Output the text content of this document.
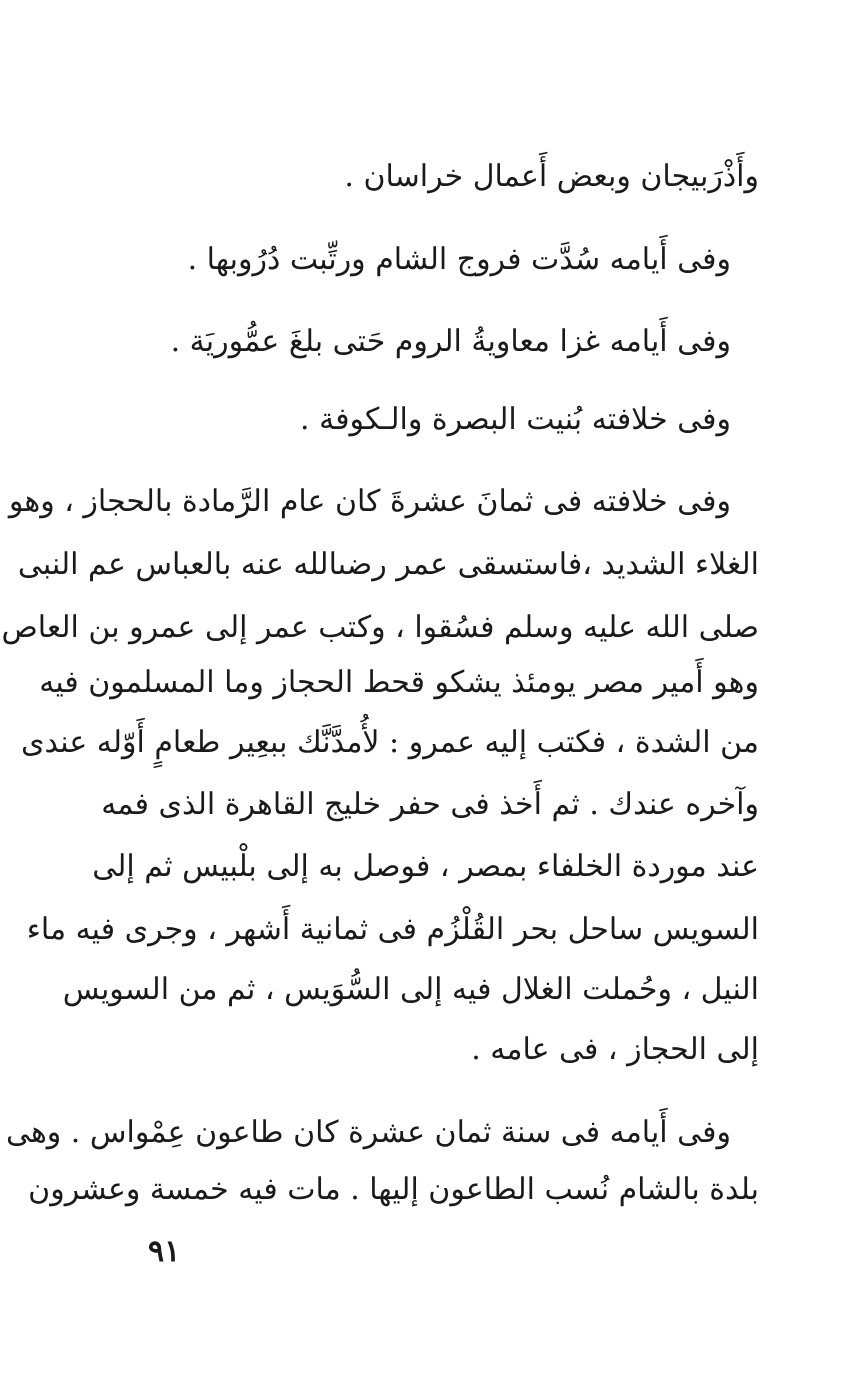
وأَذْرَبيجان وبعض أَعمال خراسان .
وفى أَيامه سُدَّت فروج الشام ورتِّبت دُرُوبها .
وفى أَيامه غزا معاويةُ الروم حَتى بلغَ عمُّوريَة .
وفى خلافته بُنيت البصرة والـكوفة .
وفى خلافته فى ثمانَ عشرةَ كان عام الرَّمادة بالحجاز ، وهو
الغلاء الشديد ،فاستسقى عمر رضىالله عنه بالعباس عم النبى
صلى الله عليه وسلم فسُقوا ، وكتب عمر إلى عمرو بن العاص
وهو أَمير مصر يومئذ يشكو قحط الحجاز وما المسلمون فيه
من الشدة ، فكتب إليه عمرو : لأُمدَّنَّك ببعِير طعامٍ أَوّله عندى
وآخره عندك . ثم أَخذ فى حفر خليج القاهرة الذى فمه
عند موردة الخلفاء بمصر ، فوصل به إلى بلْبيس ثم إلى
السويس ساحل بحر القُلْزُم فى ثمانية أَشهر ، وجرى فيه ماء
النيل ، وحُملت الغلال فيه إلى السُّوَيس ، ثم من السويس
إلى الحجاز ، فى عامه .
وفى أَيامه فى سنة ثمان عشرة كان طاعون عِمْواس . وهى
بلدة بالشام نُسب الطاعون إليها . مات فيه خمسة وعشرون
٩١
